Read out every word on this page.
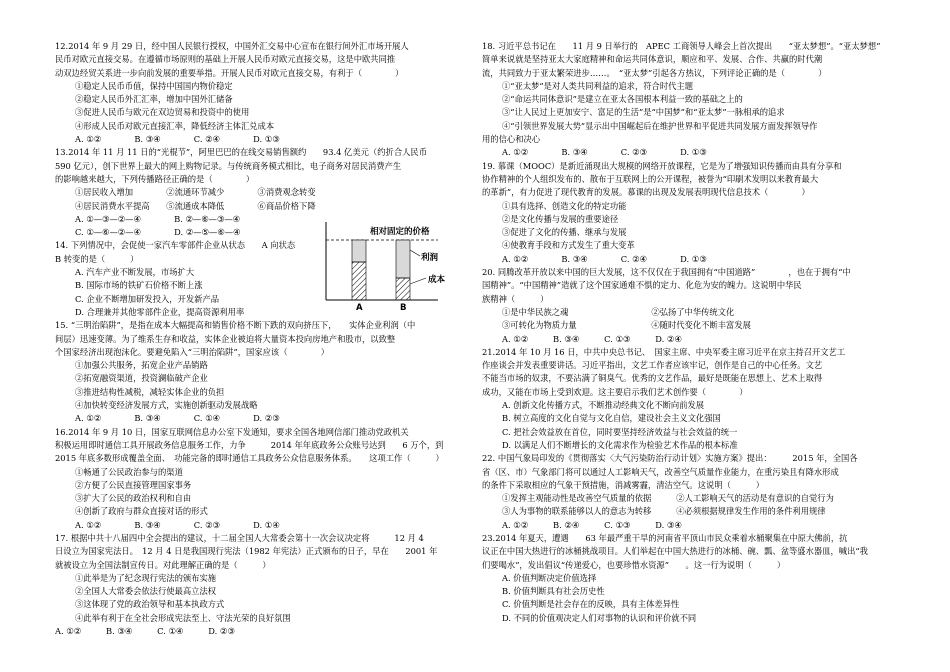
12.2014 年 9 月 29 日，经中国人民银行授权，中国外汇交易中心宣布在银行间外汇市场开展人
民币对欧元直接交易。在遵循市场原则的基础上开展人民币对欧元直接交易，这是中欧共同推
动双边经贸关系进一步向前发展的重要举措。开展人民币对欧元直接交易，有利于（　　　　）
①稳定人民币币值，保持中国国内物价稳定
②稳定人民币外汇汇率，增加中国外汇储备
③促进人民币与欧元在双边贸易和投资中的使用
④形成人民币对欧元直接汇率，降低经济主体汇兑成本
A. ①②　　　　B. ③④　　　　C. ②④　　　　D. ①③
13.2014 年 11 月 11 日的“光棍节”，阿里巴巴的在线交易销售额约　　93.4 亿美元（约折合人民币
590 亿元），创下世界上最大的网上购物记录。与传统商务模式相比，电子商务对居民消费产生
的影响越来越大，下列传播路径正确的是（　　　　）
①居民收入增加　　　　②流通环节减少　　　　③消费观念转变
④居民消费水平提高　　⑤流通成本降低　　　　⑥商品价格下降
A. ①—③—②—④　　　　B. ②—⑥—③—④
C. ①—⑥—②—④　　　　D. ②—⑤—⑥—④
14. 下列情况中，会促使一家汽车零部件企业从状态　　A 向状态
B 转变的是（　　　）
A. 汽车产业不断发展，市场扩大
B. 国际市场的铁矿石价格不断上涨
C. 企业不断增加研发投入，开发新产品
D. 合理兼并其他零部件企业，提高资源利用率
15. “三明治陷阱”，是指在成本大幅提高和销售价格不断下跌的双向挤压下，　　实体企业利润（中
间层）迅速变薄。为了维系生存和收益，实体企业被迫将大量资本投向房地产和股市，以致整
个国家经济出现泡沫化。要避免陷入“三明治陷阱”，国家应该（　　　　）
①加强公共服务，拓宽企业产品销路
②拓宽融资渠道，投资澜临破产企业
③推进结构性减税，减轻实体企业的负担
④加快转变经济发展方式，实施创新驱动发展战略
A. ①②　　　　B. ③④　　　　C. ①④　　　　D. ②③
16.2014 年 9 月 10 日，国家互联网信息办公室下发通知，要求全国各地网信部门推动党政机关
积极运用即时通信工具开展政务信息服务工作，力争　　　2014 年年底政务公众账号达到　　6 万个，到
2015 年底多数形成覆盖全面、　功能完备的即时通信工具政务公众信息服务体系。　　这项工作（　　　）
①畅通了公民政治参与的渠道
②方便了公民直接管理国家事务
③扩大了公民的政治权利和自由
④创新了政府与群众直接对话的形式
A. ①②　　　　B. ③④　　　　C. ②③　　　　D. ①④
17. 根据中共十八届四中全会提出的建议，十二届全国人大常委会第十一次会议决定将　　　12 月 4
日设立为国家宪法日。　12 月 4 日是我国现行宪法（1982 年宪法）正式颁布的日子，早在　　2001 年
就被设立为全国法制宣传日。对此理解正确的是（　　　）
①此举是为了纪念现行宪法的颁布实施
②全国人大常委会依法行使最高立法权
③这体现了党的政治领导和基本执政方式
④此举有利于在全社会形成宪法至上、守法光荣的良好氛围
A. ①②　　　B. ③④　　　C. ①④　　　D. ②③
18. 习近平总书记在　　11 月 9 日举行的　APEC 工商领导人峰会上首次提出　　“亚太梦想”。“亚太梦想”
简单来说就是坚持亚太大家庭精神和命运共同体意识，顺应和平、发展、合作、共赢的时代潮
流，共同致力于亚太繁荣进步……。　“亚太梦”引起各方热议，下列评论正确的是（　　　　）
①“亚太梦”是对人类共同利益的追求，符合时代主题
②“命运共同体意识”是建立在亚太各国根本利益一致的基础之上的
③“让人民过上更加安宁、富足的生活”是“中国梦”和“亚太梦”一脉相承的追求
④“引领世界发展大势”显示出中国崛起后在维护世界和平促进共同发展方面发挥领导作
用的信心和决心
A. ①②　　　　B. ③④　　　　C. ②③　　　　D. ①③
19. 慕课（MOOC）是新近涌现出大规模的网络开放课程，它是为了增强知识传播而由具有分享和
协作精神的个人组织发布的、散布于互联网上的公开课程，被誉为“印刷术发明以来教育最大
的革新”，有力促进了现代教育的发展。慕课的出现及发展表明现代信息技术（　　　　）
①具有选择、创造文化的特定功能
②是文化传播与发展的重要途径
③促进了文化的传播、继承与发展
④使教育手段和方式发生了重大变革
A. ①②　　　　B. ③④　　　　C. ②④　　　　D. ①③
20. 同腾改革开放以来中国的巨大发展，这不仅仅在于我国拥有“中国道路”　　　　，也在于拥有“中
国精神”。“中国精神”造就了这个国家通难不惧的定力、化危为安的魄力。这说明中华民
族精神（　　　）
①是中华民族之魂　　　　　　　　　　②弘扬了中华传统文化
③可转化为物质力量　　　　　　　　　④随时代变化不断丰富发展
A. ①②　　　B. ③④　　　C. ①③　　　D. ②④
21.2014 年 10 月 16 日，中共中央总书记、　国家主席、中央军委主席习近平在京主持召开文艺工
作座谈会并发表重要讲话。习近平指出，文艺工作者应该牢记，创作是自己的中心任务。文艺
不能当市场的奴隶，不要沾满了铜臭气。优秀的文艺作品，最好是既能在思想上、艺术上取得
成功，又能在市场上受到欢迎。这主要启示我们艺术创作要（　　　　）
A. 创新文化传播方式，不断推动经典文化不断向前发展
B. 树立高度的文化自觉与文化自信，建设社会主义文化强国
C. 把社会效益放在首位，同时要坚持经济效益与社会效益的统一
D. 以满足人们不断增长的文化需求作为检验艺术作品的根本标准
22. 中国气象局印发的《贯彻落实〈大气污染防治行动计划〉实施方案》提出：　　　2015 年，全国各
省（区、市）气象部门将可以通过人工影响天气，改善空气质量作业能力，在重污染且有降水形成
的条件下采取相应的气象干预措施，消减雾霾，清洁空气。这说明（　　　）
①发挥主观能动性是改善空气质量的依据　　　②人工影响天气的活动是有意识的自觉行为
③人为事物的联系能够以人的意志为转移　　　④必须根据规律发生作用的条件利用规律
A. ①②　　　B. ②④　　　C. ①③　　　D. ③④
23.2014 年夏天，遭遇　　63 年最严重干旱的河南省平顶山市民众乘着水桶聚集在中原大佛前，抗
议正在中国大热进行的冰桶挑战项目。人们举起在中国大热进行的冰桶、碗、瓢、盆等盛水器皿，喊出“我
们要喝水”，发出倡议“传递爱心，也要珍惜水资源”　　。这一行为说明（　　　）
A. 价值判断决定价值选择
B. 价值判断具有社会历史性
C. 价值判断是社会存在的反映，具有主体差异性
D. 不同的价值观决定人们对事物的认识和评价就不同
相对固定的价格
利润
成本
A	B
